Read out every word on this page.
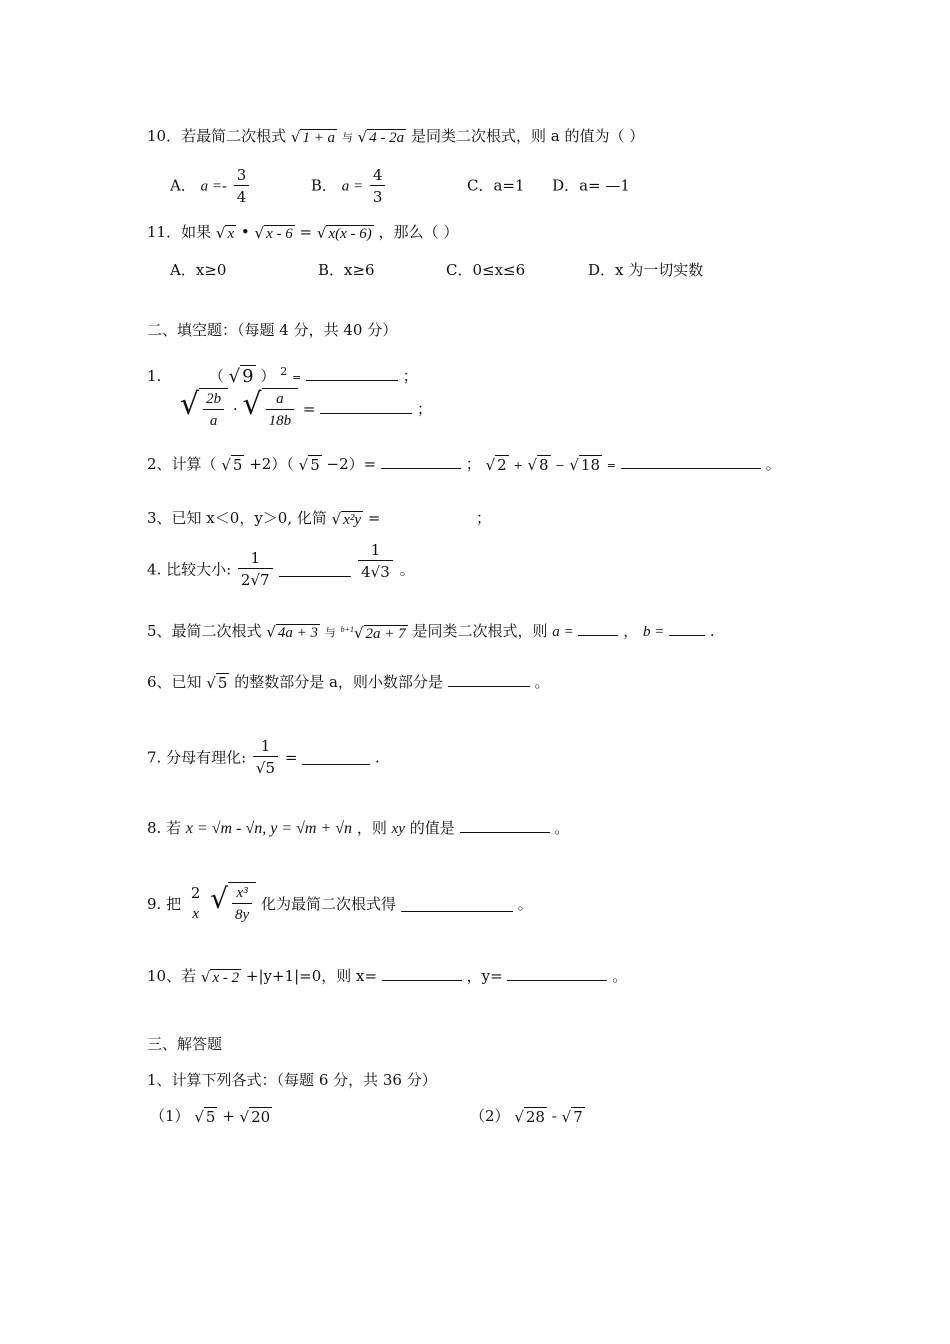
10．若最简二次根式 √ 1 + a 与 √ 4 - 2a 是同类二次根式，则 a 的值为（ ）
A． $a =- \frac{3}{4}$	B． $a = \frac{4}{3}$	C．a=1 D．a= —1
11．如果 √ x • √ x - 6 = √ x(x - 6) ，那么（ ）
A．x≥0	B．x≥6	C．0≤x≤6	D．x 为一切实数
二、填空题：（每题 4 分，共 40 分）
1.	（ √ 9 ） $^2$ =	；
√ $\frac{2b}{a}$ · √ $\frac{a}{18b}$ =	；
2、计算（ √ 5 +2）（ √ 5 −2）=	； √ 2 + √ 8 − √ 18 =	。
3、已知 x＜0，y＞0, 化简 √ x²y =	；
4. 比较大小: $\frac{1}{2√7}$
	$\frac{1}{4√3}$ 。
5、最简二次根式 √ 4a + 3 与 $^{b+1}$√ 2a + 7 是同类二次根式，则 a =	， b =	.
6、已知 √ 5 的整数部分是 a，则小数部分是	。
7. 分母有理化: $\frac{1}{√5}$ =	.
8. 若 x = √m - √n, y = √m + √n ，则 xy 的值是	。
9. 把
2
x √ $\frac{\text{x³}}{8y}$ 化为最简二次根式得	。
10、若 √ x - 2 +|y+1|=0，则 x=	，y=	。
三、解答题
1、计算下列各式：（每题 6 分，共 36 分）
（1） √ 5 + √ 20	（2） √ 28 - √ 7
